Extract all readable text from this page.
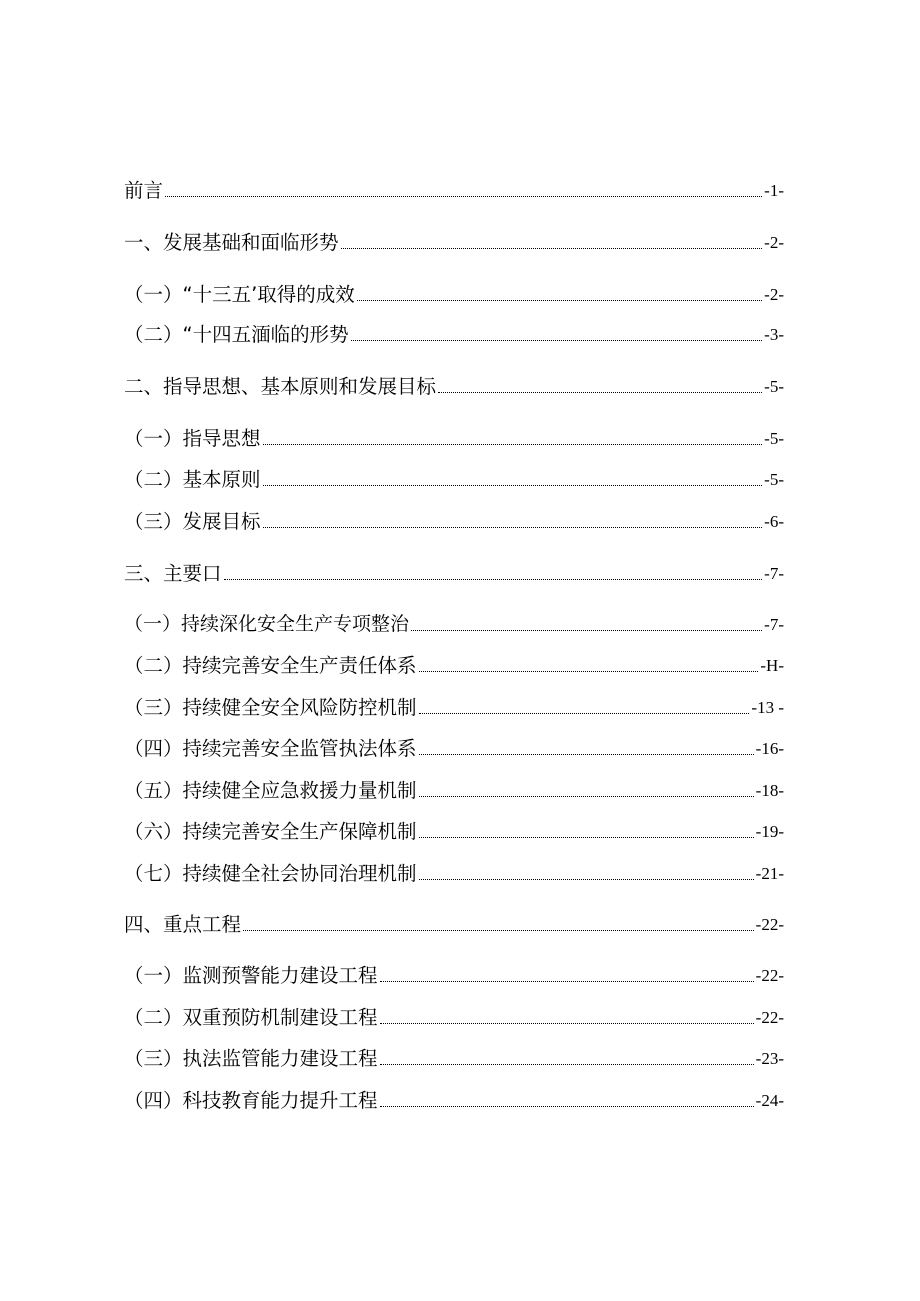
前言	-1-
一、发展基础和面临形势	-2-
（一）“十三五’取得的成效	-2-
（二）“十四五湎临的形势	-3-
二、指导思想、基本原则和发展目标	-5-
（一）指导思想	-5-
（二）基本原则	-5-
（三）发展目标	-6-
三、主要口	-7-
（一）持续深化安全生产专项整治	-7-
（二）持续完善安全生产责任体系	-H-
（三）持续健全安全风险防控机制	-13 -
（四）持续完善安全监管执法体系	-16-
（五）持续健全应急救援力量机制	-18-
（六）持续完善安全生产保障机制	-19-
（七）持续健全社会协同治理机制	-21-
四、重点工程	-22-
（一）监测预警能力建设工程	-22-
（二）双重预防机制建设工程	-22-
（三）执法监管能力建设工程	-23-
（四）科技教育能力提升工程	-24-
